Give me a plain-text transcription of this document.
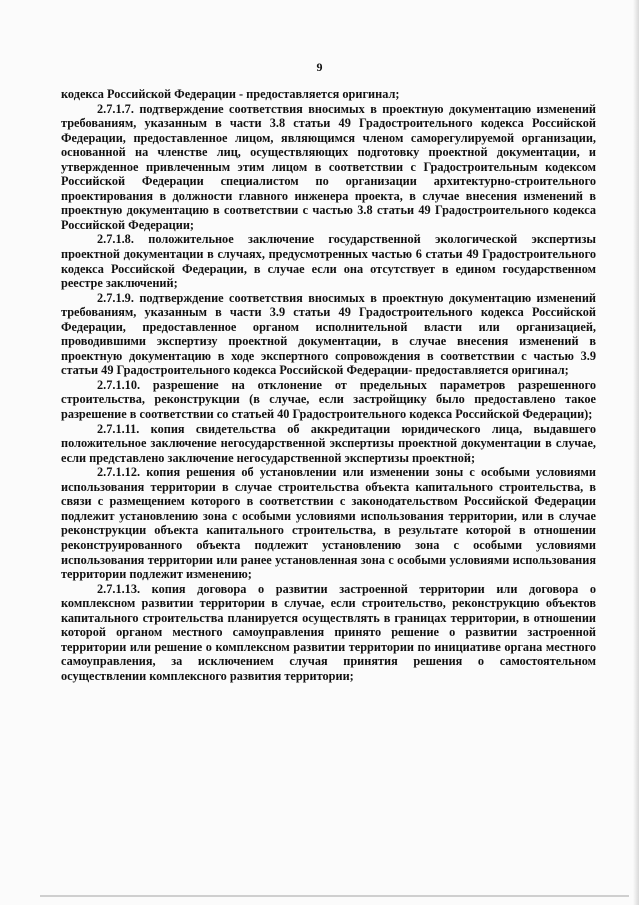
9

кодекса Российской Федерации - предоставляется оригинал;

2.7.1.7. подтверждение соответствия вносимых в проектную документацию изменений требованиям, указанным в части 3.8 статьи 49 Градостроительного кодекса Российской Федерации, предоставленное лицом, являющимся членом саморегулируемой организации, основанной на членстве лиц, осуществляющих подготовку проектной документации, и утвержденное привлеченным этим лицом в соответствии с Градостроительным кодексом Российской Федерации специалистом по организации архитектурно-строительного проектирования в должности главного инженера проекта, в случае внесения изменений в проектную документацию в соответствии с частью 3.8 статьи 49 Градостроительного кодекса Российской Федерации;

2.7.1.8. положительное заключение государственной экологической экспертизы проектной документации в случаях, предусмотренных частью 6 статьи 49 Градостроительного кодекса Российской Федерации, в случае если она отсутствует в едином государственном реестре заключений;

2.7.1.9. подтверждение соответствия вносимых в проектную документацию изменений требованиям, указанным в части 3.9 статьи 49 Градостроительного кодекса Российской Федерации, предоставленное органом исполнительной власти или организацией, проводившими экспертизу проектной документации, в случае внесения изменений в проектную документацию в ходе экспертного сопровождения в соответствии с частью 3.9 статьи 49 Градостроительного кодекса Российской Федерации- предоставляется оригинал;

2.7.1.10. разрешение на отклонение от предельных параметров разрешенного строительства, реконструкции (в случае, если застройщику было предоставлено такое разрешение в соответствии со статьей 40 Градостроительного кодекса Российской Федерации);

2.7.1.11. копия свидетельства об аккредитации юридического лица, выдавшего положительное заключение негосударственной экспертизы проектной документации в случае, если представлено заключение негосударственной экспертизы проектной;

2.7.1.12. копия решения об установлении или изменении зоны с особыми условиями использования территории в случае строительства объекта капитального строительства, в связи с размещением которого в соответствии с законодательством Российской Федерации подлежит установлению зона с особыми условиями использования территории, или в случае реконструкции объекта капитального строительства, в результате которой в отношении реконструированного объекта подлежит установлению зона с особыми условиями использования территории или ранее установленная зона с особыми условиями использования территории подлежит изменению;

2.7.1.13. копия договора о развитии застроенной территории или договора о комплексном развитии территории в случае, если строительство, реконструкцию объектов капитального строительства планируется осуществлять в границах территории, в отношении которой органом местного самоуправления принято решение о развитии застроенной территории или решение о комплексном развитии территории по инициативе органа местного самоуправления, за исключением случая принятия решения о самостоятельном осуществлении комплексного развития территории;
